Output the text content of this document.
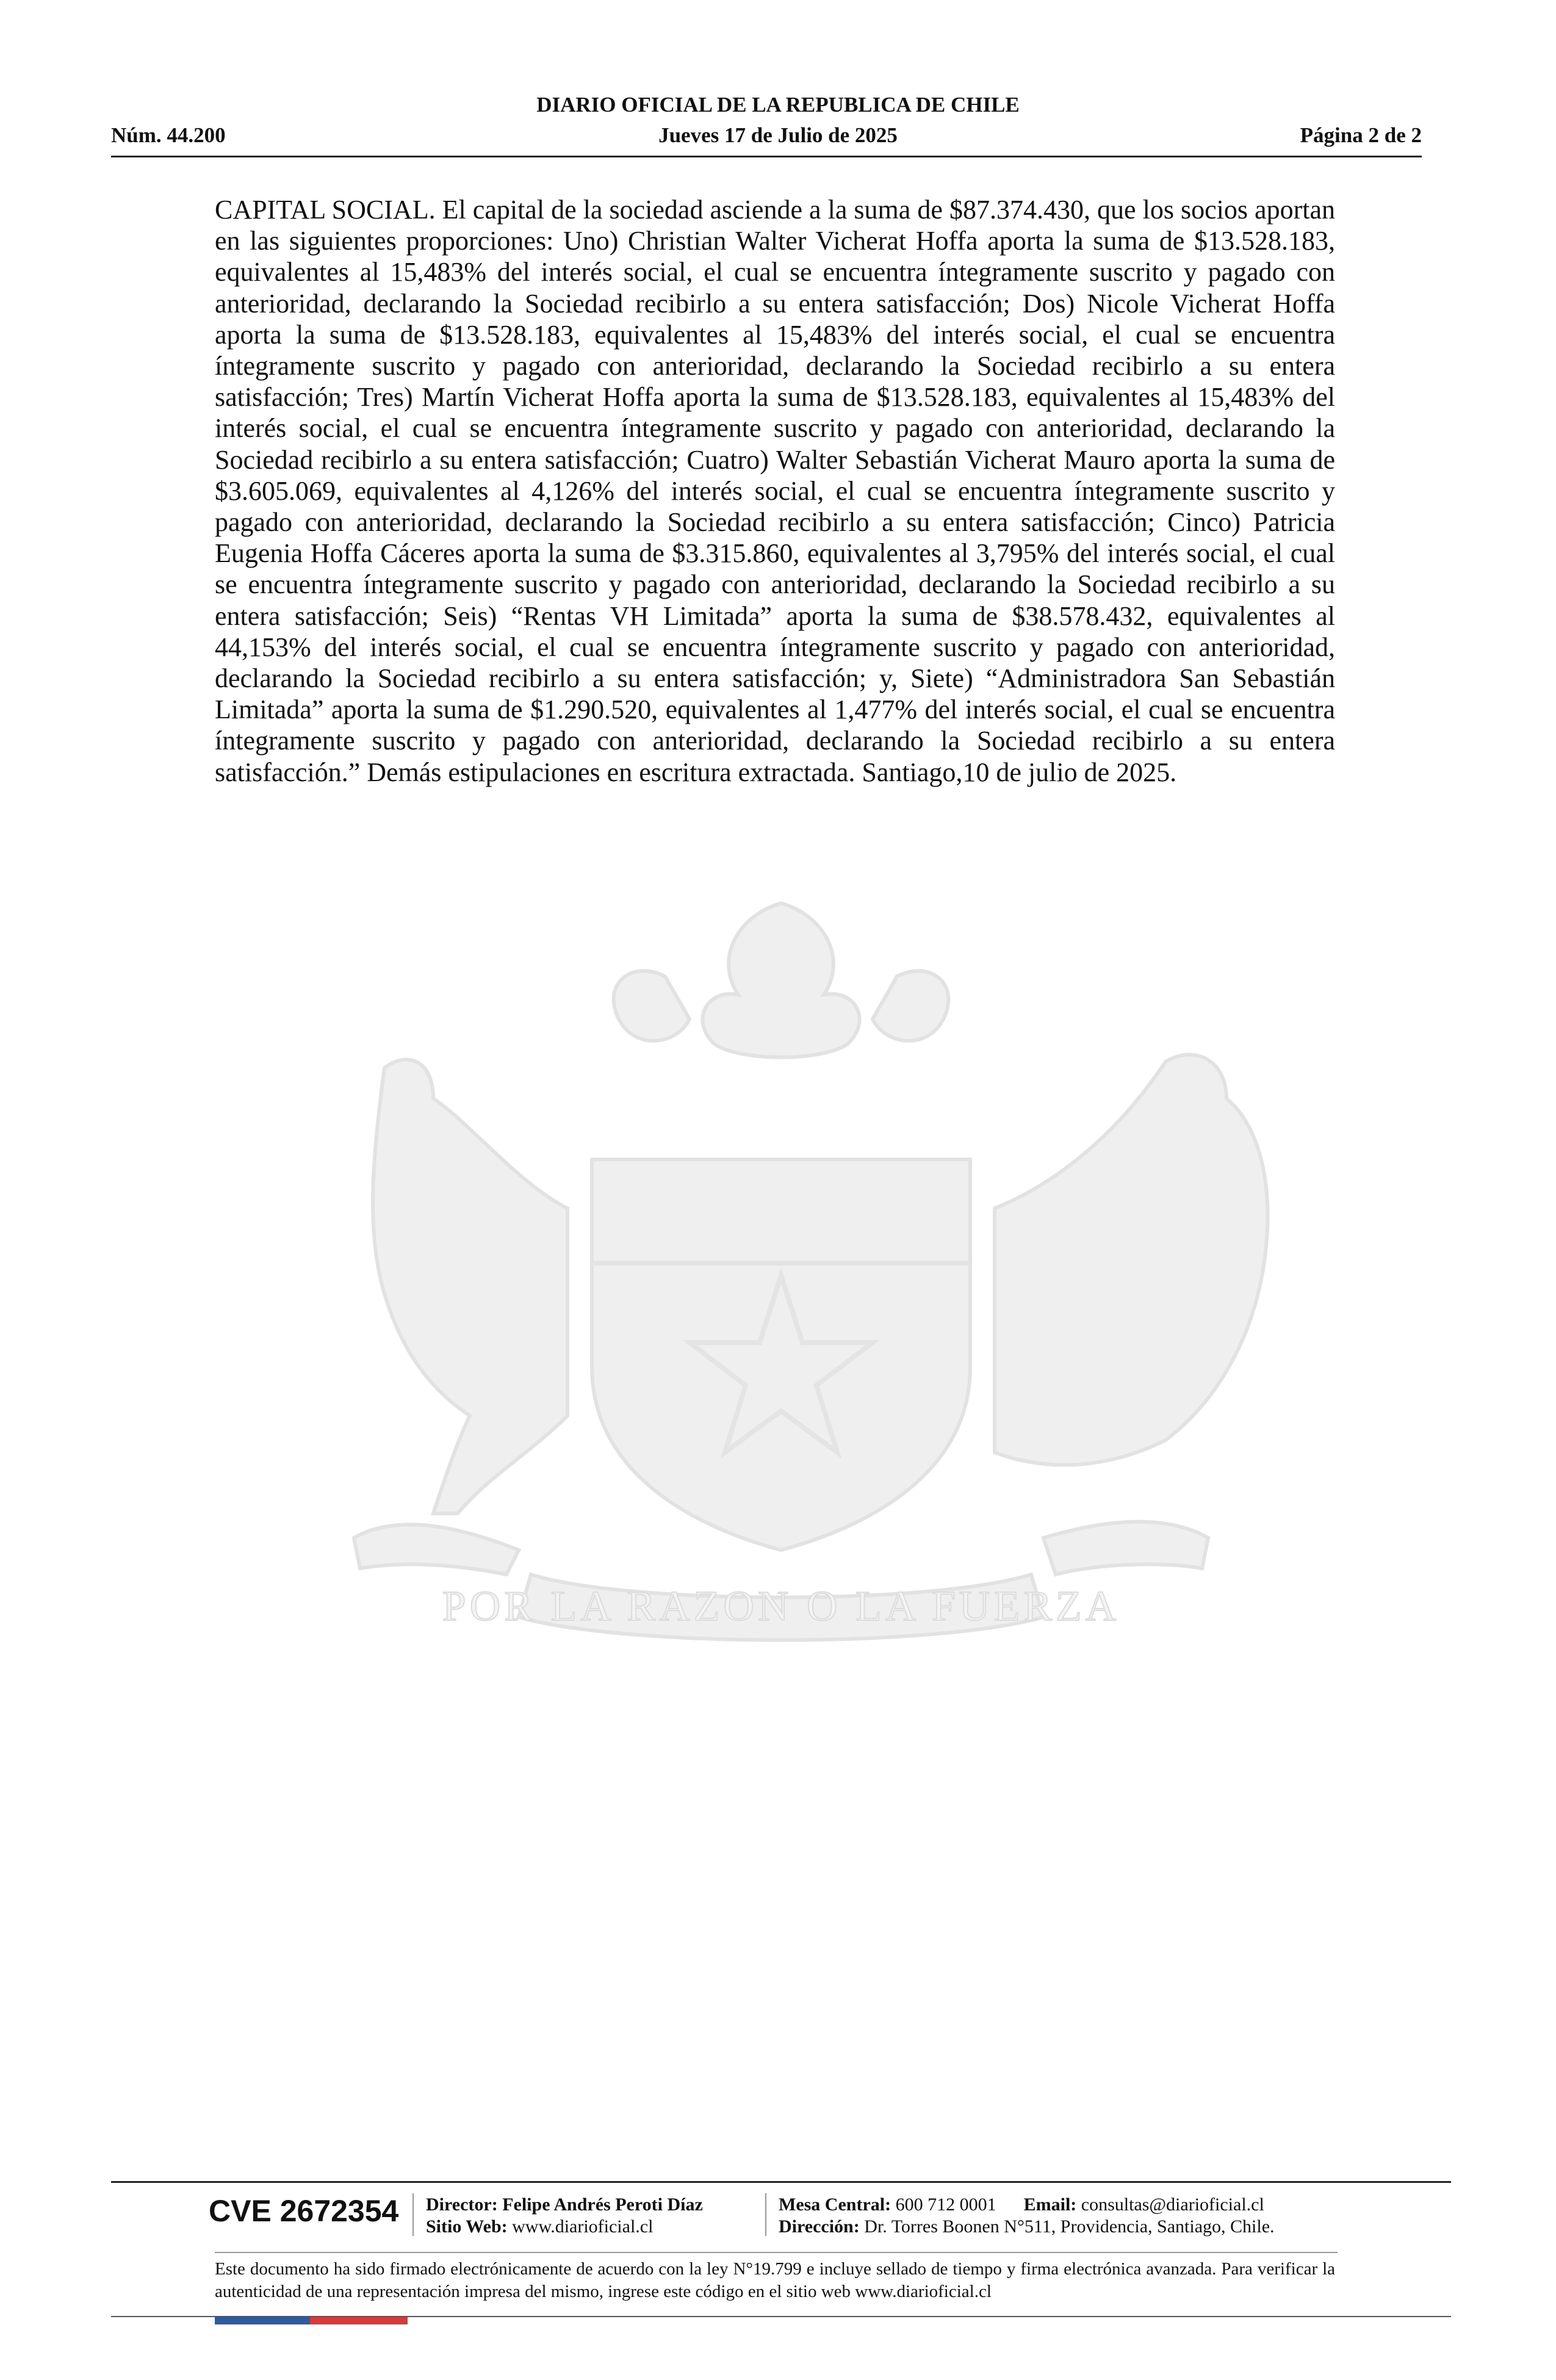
DIARIO OFICIAL DE LA REPUBLICA DE CHILE
Núm. 44.200	Jueves 17 de Julio de 2025	Página 2 de 2
CAPITAL SOCIAL. El capital de la sociedad asciende a la suma de $87.374.430, que los socios aportan en las siguientes proporciones: Uno) Christian Walter Vicherat Hoffa aporta la suma de $13.528.183, equivalentes al 15,483% del interés social, el cual se encuentra íntegramente suscrito y pagado con anterioridad, declarando la Sociedad recibirlo a su entera satisfacción; Dos) Nicole Vicherat Hoffa aporta la suma de $13.528.183, equivalentes al 15,483% del interés social, el cual se encuentra íntegramente suscrito y pagado con anterioridad, declarando la Sociedad recibirlo a su entera satisfacción; Tres) Martín Vicherat Hoffa aporta la suma de $13.528.183, equivalentes al 15,483% del interés social, el cual se encuentra íntegramente suscrito y pagado con anterioridad, declarando la Sociedad recibirlo a su entera satisfacción; Cuatro) Walter Sebastián Vicherat Mauro aporta la suma de $3.605.069, equivalentes al 4,126% del interés social, el cual se encuentra íntegramente suscrito y pagado con anterioridad, declarando la Sociedad recibirlo a su entera satisfacción; Cinco) Patricia Eugenia Hoffa Cáceres aporta la suma de $3.315.860, equivalentes al 3,795% del interés social, el cual se encuentra íntegramente suscrito y pagado con anterioridad, declarando la Sociedad recibirlo a su entera satisfacción; Seis) “Rentas VH Limitada” aporta la suma de $38.578.432, equivalentes al 44,153% del interés social, el cual se encuentra íntegramente suscrito y pagado con anterioridad, declarando la Sociedad recibirlo a su entera satisfacción; y, Siete) “Administradora San Sebastián Limitada” aporta la suma de $1.290.520, equivalentes al 1,477% del interés social, el cual se encuentra íntegramente suscrito y pagado con anterioridad, declarando la Sociedad recibirlo a su entera satisfacción.” Demás estipulaciones en escritura extractada. Santiago,10 de julio de 2025.
POR LA RAZON O LA FUERZA
CVE 2672354 Director: Felipe Andrés Peroti Díaz
Sitio Web: www.diarioficial.cl
Mesa Central: 600 712 0001 Email: consultas@diarioficial.cl
Dirección: Dr. Torres Boonen N°511, Providencia, Santiago, Chile.
Este documento ha sido firmado electrónicamente de acuerdo con la ley N°19.799 e incluye sellado de tiempo y firma electrónica avanzada. Para verificar la autenticidad de una representación impresa del mismo, ingrese este código en el sitio web www.diarioficial.cl
